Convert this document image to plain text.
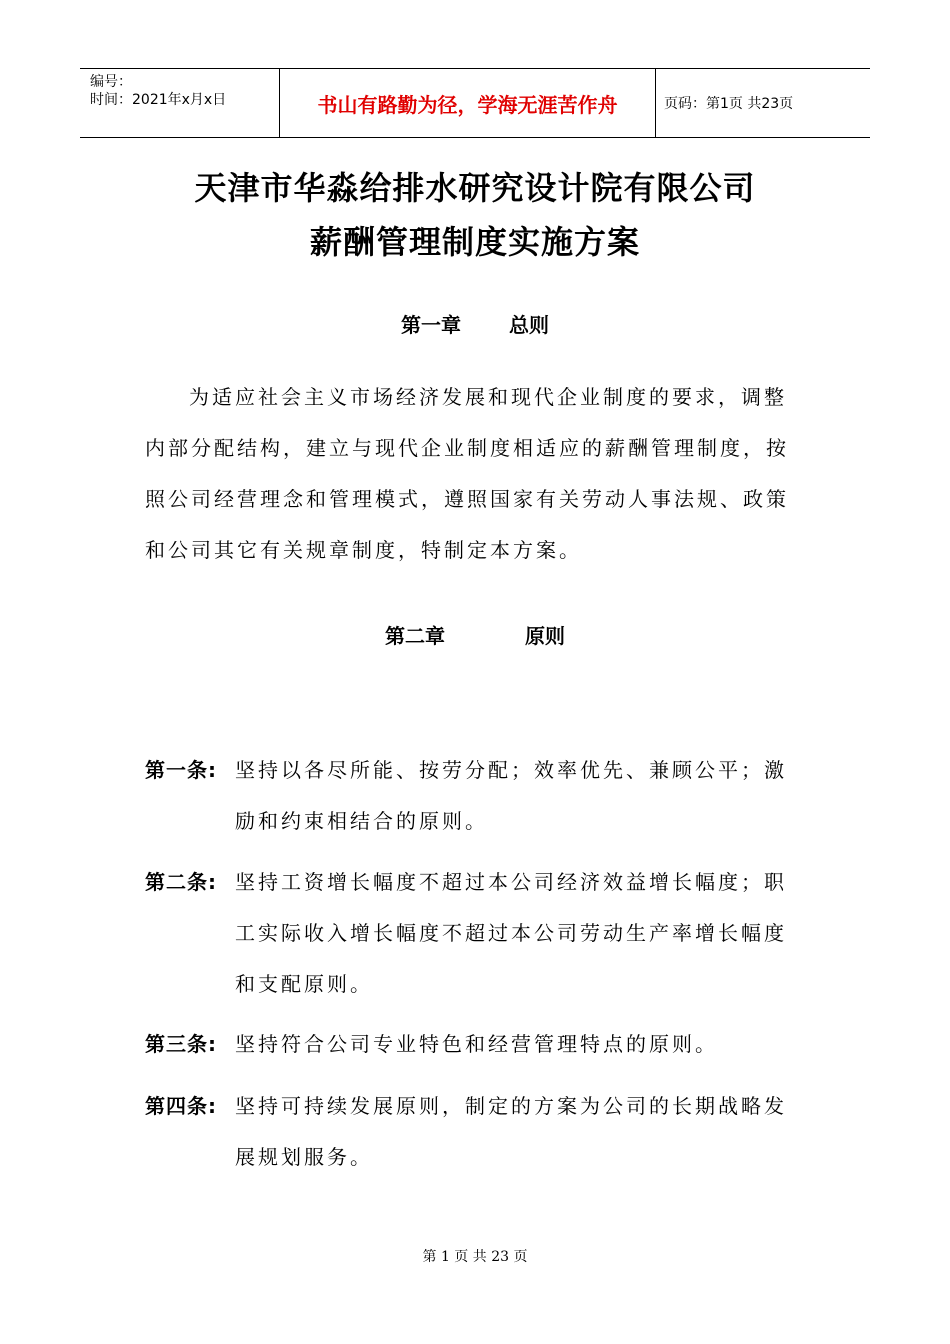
编号：
时间：2021年x月x日	书山有路勤为径，学海无涯苦作舟	页码：第1页 共23页
天津市华淼给排水研究设计院有限公司
薪酬管理制度实施方案
第一章 总则

为适应社会主义市场经济发展和现代企业制度的要求，调整内部分配结构，建立与现代企业制度相适应的薪酬管理制度，按照公司经营理念和管理模式，遵照国家有关劳动人事法规、政策和公司其它有关规章制度，特制定本方案。

第二章	原则
第一条: 坚持以各尽所能、按劳分配；效率优先、兼顾公平；激励和约束相结合的原则。
第二条: 坚持工资增长幅度不超过本公司经济效益增长幅度；职工实际收入增长幅度不超过本公司劳动生产率增长幅度和支配原则。
第三条: 坚持符合公司专业特色和经营管理特点的原则。
第四条: 坚持可持续发展原则，制定的方案为公司的长期战略发展规划服务。
第 1 页 共 23 页
